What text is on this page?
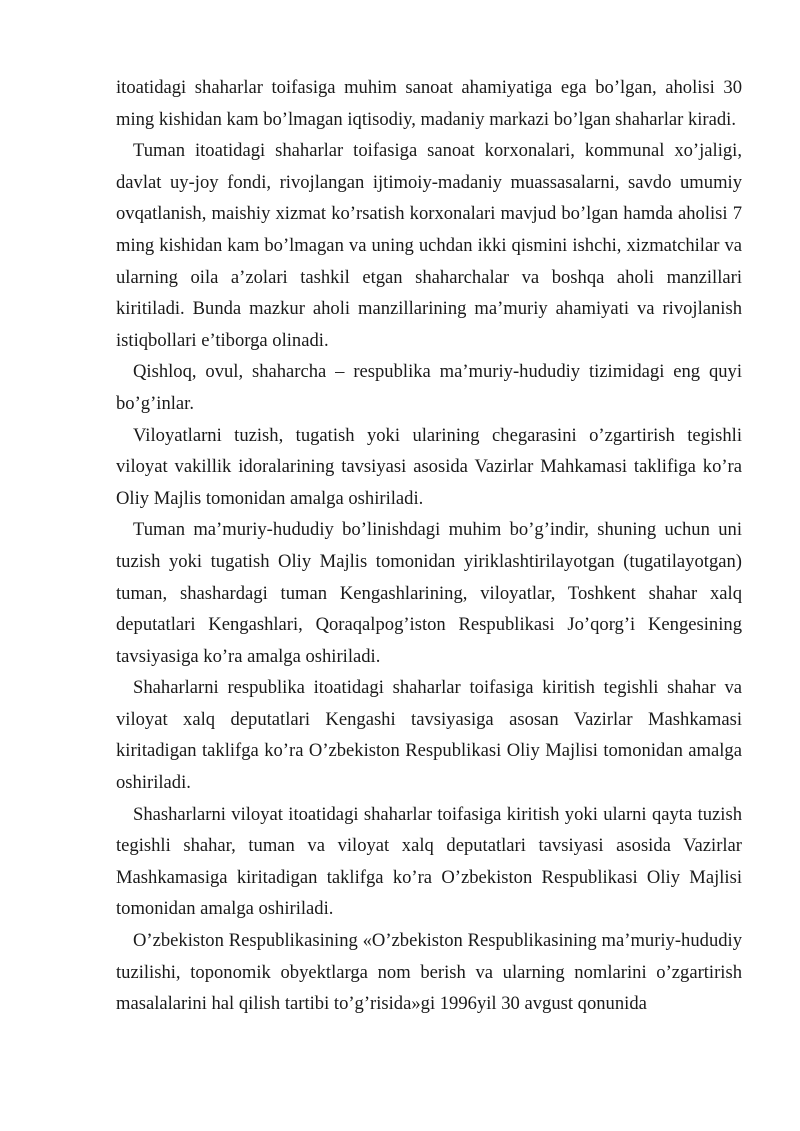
itoatidagi shaharlar toifasiga muhim sanoat ahamiyatiga ega bo’lgan, aholisi 30 ming kishidan kam bo’lmagan iqtisodiy, madaniy markazi bo’lgan shaharlar kiradi.

Tuman itoatidagi shaharlar toifasiga sanoat korxonalari, kommunal xo’jaligi, davlat uy-joy fondi, rivojlangan ijtimoiy-madaniy muassasalarni, savdo umumiy ovqatlanish, maishiy xizmat ko’rsatish korxonalari mavjud bo’lgan hamda aholisi 7 ming kishidan kam bo’lmagan va uning uchdan ikki qismini ishchi, xizmatchilar va ularning oila a’zolari tashkil etgan shaharchalar va boshqa aholi manzillari kiritiladi. Bunda mazkur aholi manzillarining ma’muriy ahamiyati va rivojlanish istiqbollari e’tiborga olinadi.

Qishloq, ovul, shaharcha – respublika ma’muriy-hududiy tizimidagi eng quyi bo’g’inlar.

Viloyatlarni tuzish, tugatish yoki ularining chegarasini o’zgartirish tegishli viloyat vakillik idoralarining tavsiyasi asosida Vazirlar Mahkamasi taklifiga ko’ra Oliy Majlis tomonidan amalga oshiriladi.

Tuman ma’muriy-hududiy bo’linishdagi muhim bo’g’indir, shuning uchun uni tuzish yoki tugatish Oliy Majlis tomonidan yiriklashtirilayotgan (tugatilayotgan) tuman, shashardagi tuman Kengashlarining, viloyatlar, Toshkent shahar xalq deputatlari Kengashlari, Qoraqalpog’iston Respublikasi Jo’qorg’i Kengesining tavsiyasiga ko’ra amalga oshiriladi.

Shaharlarni respublika itoatidagi shaharlar toifasiga kiritish tegishli shahar va viloyat xalq deputatlari Kengashi tavsiyasiga asosan Vazirlar Mashkamasi kiritadigan taklifga ko’ra O’zbekiston Respublikasi Oliy Majlisi tomonidan amalga oshiriladi.

Shasharlarni viloyat itoatidagi shaharlar toifasiga kiritish yoki ularni qayta tuzish tegishli shahar, tuman va viloyat xalq deputatlari tavsiyasi asosida Vazirlar Mashkamasiga kiritadigan taklifga ko’ra O’zbekiston Respublikasi Oliy Majlisi tomonidan amalga oshiriladi.

O’zbekiston Respublikasining «O’zbekiston Respublikasining ma’muriy-hududiy tuzilishi, toponomik obyektlarga nom berish va ularning nomlarini o’zgartirish masalalarini hal qilish tartibi to’g’risida»gi 1996yil 30 avgust qonunida
